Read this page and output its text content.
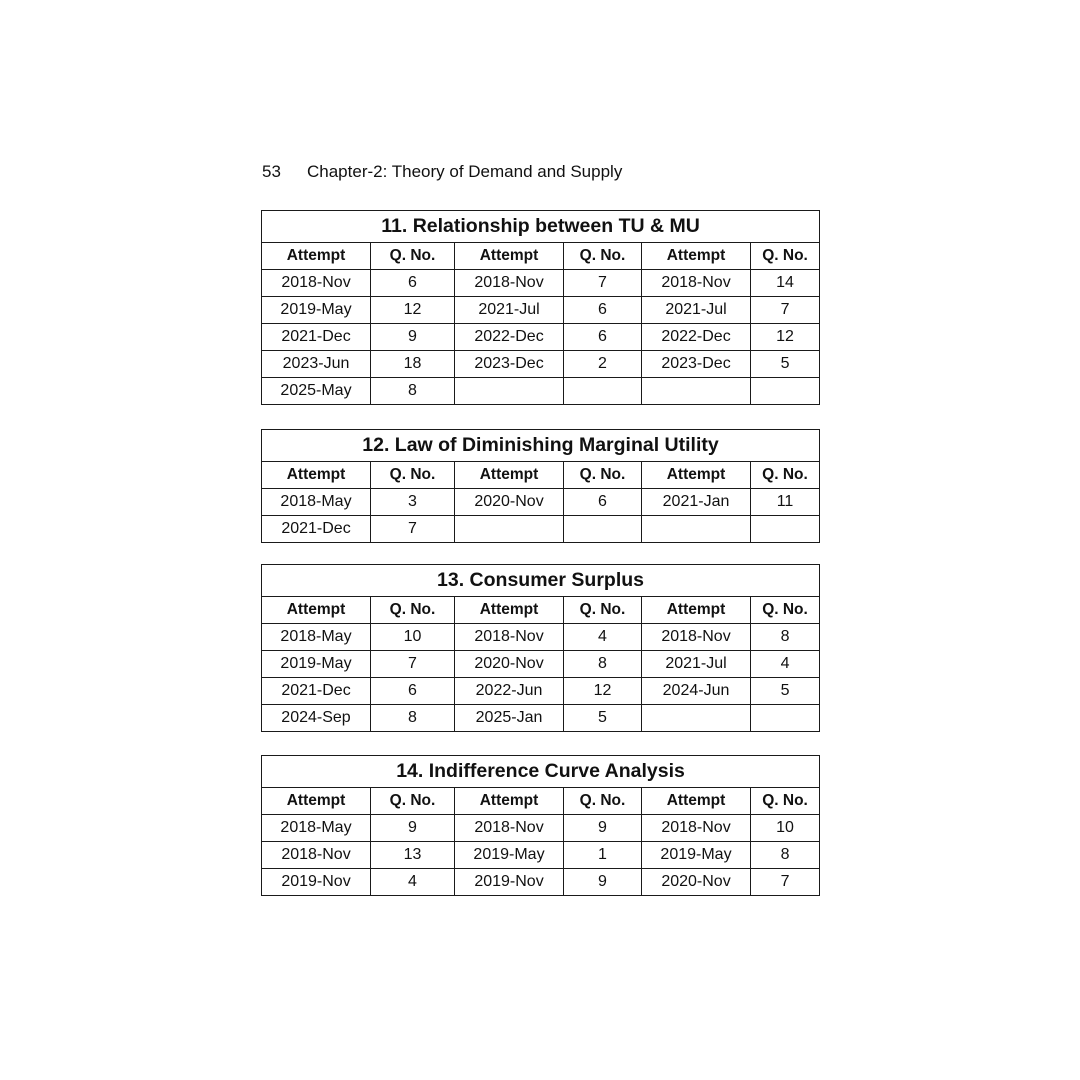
53 Chapter-2: Theory of Demand and Supply
11. Relationship between TU & MU					
Attempt	Q. No.	Attempt	Q. No.	Attempt	Q. No.
2018-Nov	6	2018-Nov	7	2018-Nov	14
2019-May	12	2021-Jul	6	2021-Jul	7
2021-Dec	9	2022-Dec	6	2022-Dec	12
2023-Jun	18	2023-Dec	2	2023-Dec	5
2025-May	8				
12. Law of Diminishing Marginal Utility					
Attempt	Q. No.	Attempt	Q. No.	Attempt	Q. No.
2018-May	3	2020-Nov	6	2021-Jan	11
2021-Dec	7				
13. Consumer Surplus					
Attempt	Q. No.	Attempt	Q. No.	Attempt	Q. No.
2018-May	10	2018-Nov	4	2018-Nov	8
2019-May	7	2020-Nov	8	2021-Jul	4
2021-Dec	6	2022-Jun	12	2024-Jun	5
2024-Sep	8	2025-Jan	5		
14. Indifference Curve Analysis					
Attempt	Q. No.	Attempt	Q. No.	Attempt	Q. No.
2018-May	9	2018-Nov	9	2018-Nov	10
2018-Nov	13	2019-May	1	2019-May	8
2019-Nov	4	2019-Nov	9	2020-Nov	7
